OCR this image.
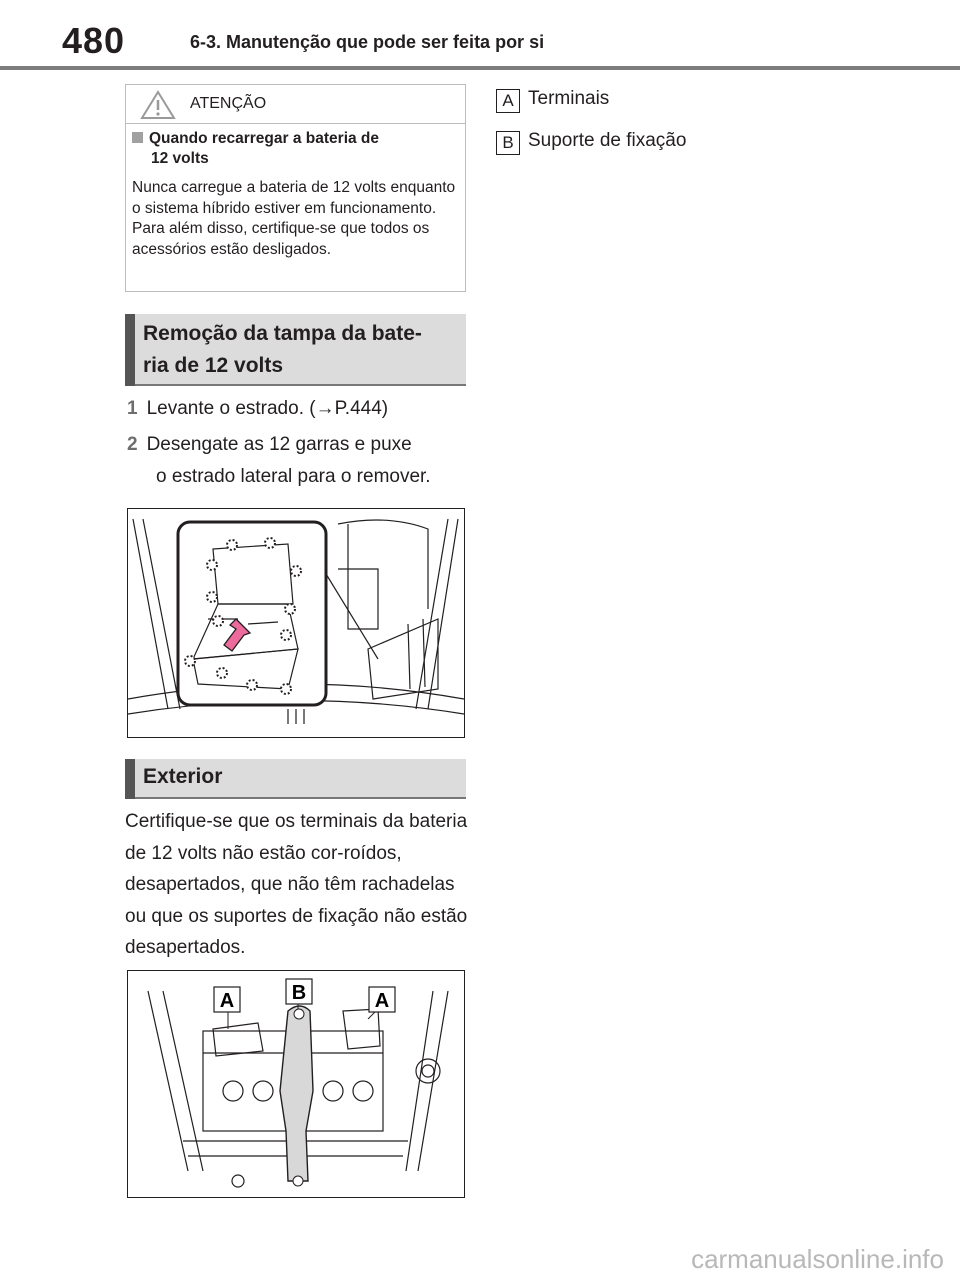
480	6-3. Manutenção que pode ser feita por si
ATENÇÃO
Quando recarregar a bateria de
12 volts
Nunca carregue a bateria de 12 volts enquanto o sistema híbrido estiver em funcionamento. Para além disso, certifique-se que todos os acessórios estão desligados.
Remoção da tampa da bate-
ria de 12 volts
1 Levante o estrado. (→P.444)
2 Desengate as 12 garras e puxe
o estrado lateral para o remover.
Exterior
Certifique-se que os terminais da bateria de 12 volts não estão cor-roídos, desapertados, que não têm rachadelas ou que os suportes de fixação não estão desapertados.
A	B	A
A Terminais
B Suporte de fixação
carmanualsonline.info
